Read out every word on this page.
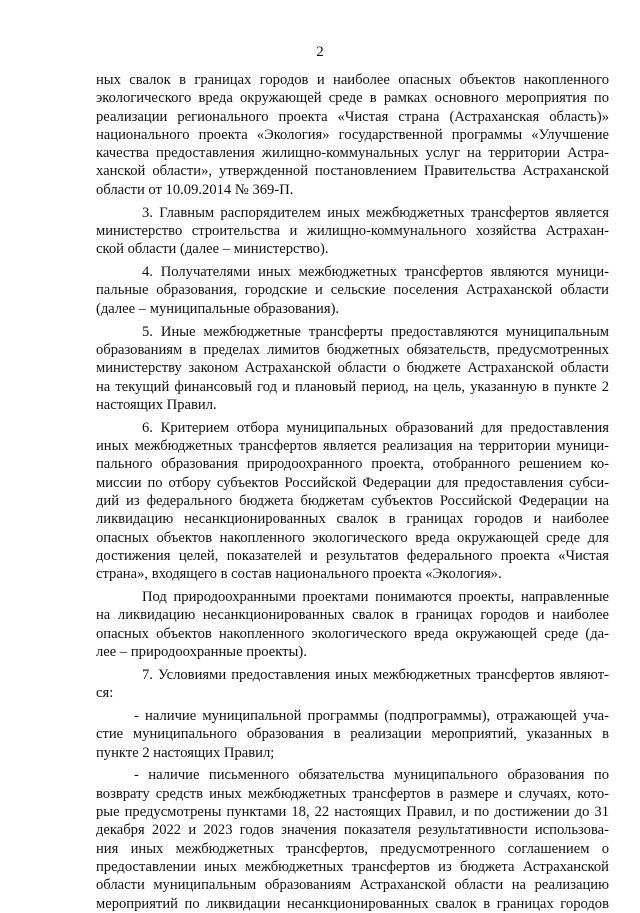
2
ных свалок в границах городов и наиболее опасных объектов накопленного
экологического вреда окружающей среде в рамках основного мероприятия по
реализации регионального проекта «Чистая страна (Астраханская область)»
национального проекта «Экология» государственной программы «Улучшение
качества предоставления жилищно-коммунальных услуг на территории Астра-
ханской области», утвержденной постановлением Правительства Астраханской
области от 10.09.2014 № 369-П.
3. Главным распорядителем иных межбюджетных трансфертов является
министерство строительства и жилищно-коммунального хозяйства Астрахан-
ской области (далее – министерство).
4. Получателями иных межбюджетных трансфертов являются муници-
пальные образования, городские и сельские поселения Астраханской области
(далее – муниципальные образования).
5. Иные межбюджетные трансферты предоставляются муниципальным
образованиям в пределах лимитов бюджетных обязательств, предусмотренных
министерству законом Астраханской области о бюджете Астраханской области
на текущий финансовый год и плановый период, на цель, указанную в пункте 2
настоящих Правил.
6. Критерием отбора муниципальных образований для предоставления
иных межбюджетных трансфертов является реализация на территории муници-
пального образования природоохранного проекта, отобранного решением ко-
миссии по отбору субъектов Российской Федерации для предоставления субси-
дий из федерального бюджета бюджетам субъектов Российской Федерации на
ликвидацию несанкционированных свалок в границах городов и наиболее
опасных объектов накопленного экологического вреда окружающей среде для
достижения целей, показателей и результатов федерального проекта «Чистая
страна», входящего в состав национального проекта «Экология».
Под природоохранными проектами понимаются проекты, направленные
на ликвидацию несанкционированных свалок в границах городов и наиболее
опасных объектов накопленного экологического вреда окружающей среде (да-
лее – природоохранные проекты).
7. Условиями предоставления иных межбюджетных трансфертов являют-
ся:
- наличие муниципальной программы (подпрограммы), отражающей уча-
стие муниципального образования в реализации мероприятий, указанных в
пункте 2 настоящих Правил;
- наличие письменного обязательства муниципального образования по
возврату средств иных межбюджетных трансфертов в размере и случаях, кото-
рые предусмотрены пунктами 18, 22 настоящих Правил, и по достижении до 31
декабря 2022 и 2023 годов значения показателя результативности использова-
ния иных межбюджетных трансфертов, предусмотренного соглашением о
предоставлении иных межбюджетных трансфертов из бюджета Астраханской
области муниципальным образованиям Астраханской области на реализацию
мероприятий по ликвидации несанкционированных свалок в границах городов
